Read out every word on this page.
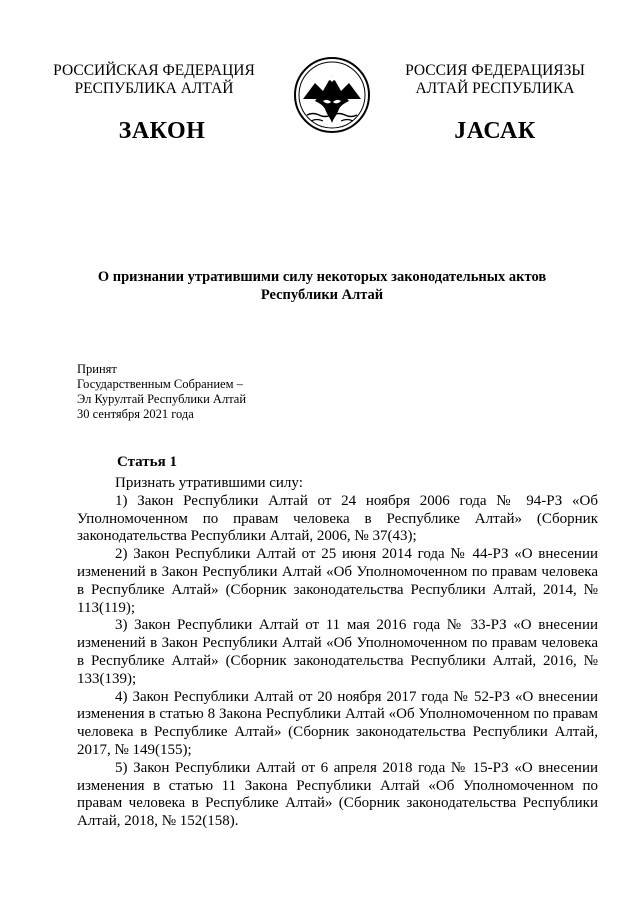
РОССИЙСКАЯ ФЕДЕРАЦИЯ
РЕСПУБЛИКА АЛТАЙ
РОССИЯ ФЕДЕРАЦИЯЗЫ
АЛТАЙ РЕСПУБЛИКА
ЗАКОН	ЈАСАК
О признании утратившими силу некоторых законодательных актов
Республики Алтай
Принят
Государственным Собранием –
Эл Курултай Республики Алтай
30 сентября 2021 года
Статья 1

Признать утратившими силу:

1) Закон Республики Алтай от 24 ноября 2006 года № 94-РЗ «Об Уполномоченном по правам человека в Республике Алтай» (Сборник законодательства Республики Алтай, 2006, № 37(43);

2) Закон Республики Алтай от 25 июня 2014 года № 44-РЗ «О внесении изменений в Закон Республики Алтай «Об Уполномоченном по правам человека в Республике Алтай» (Сборник законодательства Республики Алтай, 2014, № 113(119);

3) Закон Республики Алтай от 11 мая 2016 года № 33-РЗ «О внесении изменений в Закон Республики Алтай «Об Уполномоченном по правам человека в Республике Алтай» (Сборник законодательства Республики Алтай, 2016, № 133(139);

4) Закон Республики Алтай от 20 ноября 2017 года № 52-РЗ «О внесении изменения в статью 8 Закона Республики Алтай «Об Уполномоченном по правам человека в Республике Алтай» (Сборник законодательства Республики Алтай, 2017, № 149(155);

5) Закон Республики Алтай от 6 апреля 2018 года № 15-РЗ «О внесении изменения в статью 11 Закона Республики Алтай «Об Уполномоченном по правам человека в Республике Алтай» (Сборник законодательства Республики Алтай, 2018, № 152(158).
